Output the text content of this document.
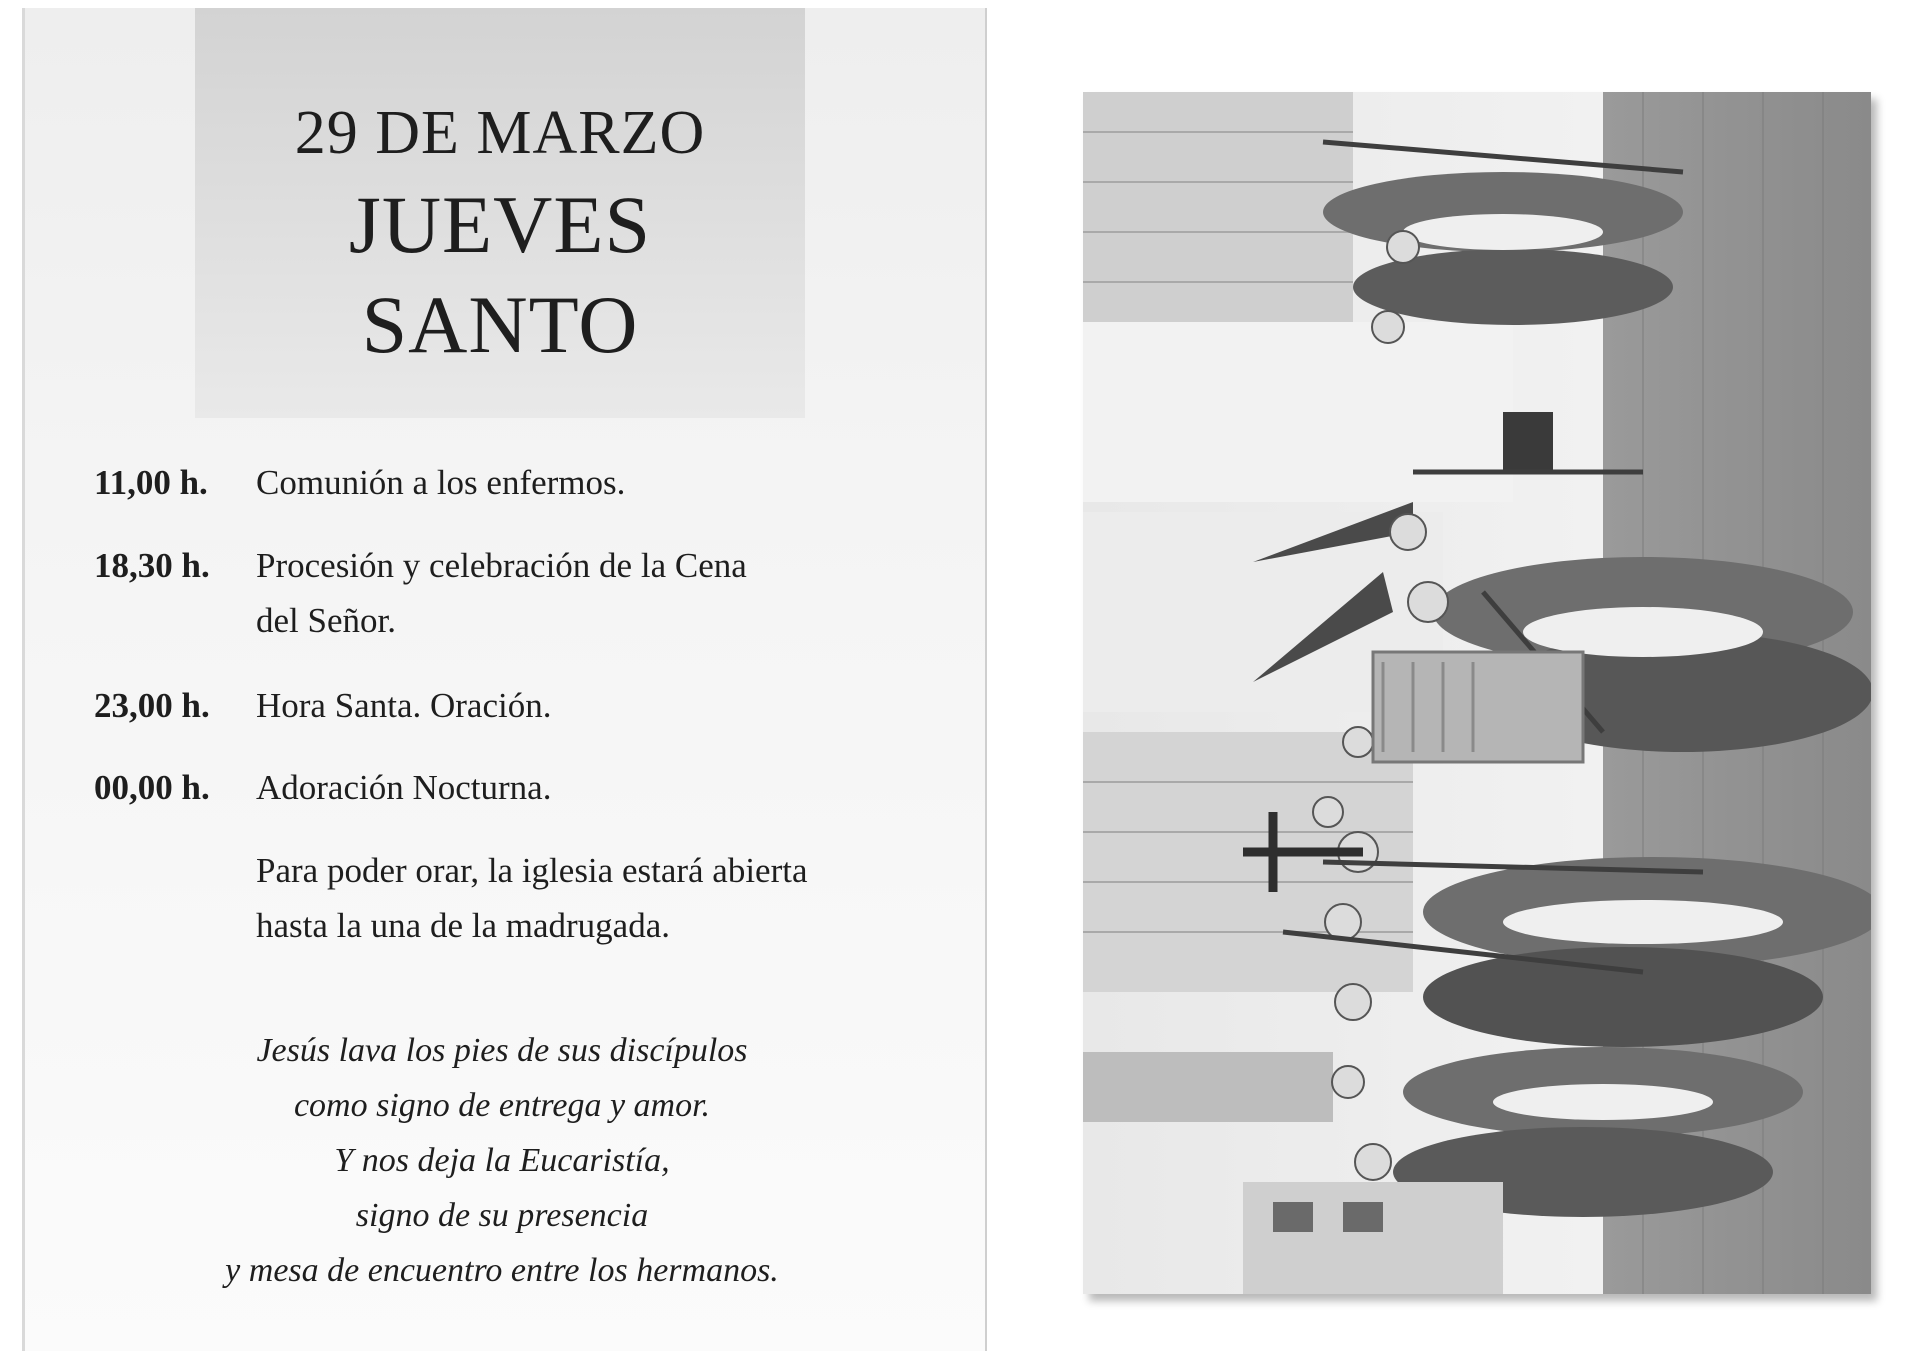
29 DE MARZO
JUEVES
SANTO
11,00 h. Comunión a los enfermos.
18,30 h. Procesión y celebración de la Cena
del Señor.
23,00 h. Hora Santa. Oración.
00,00 h. Adoración Nocturna.
Para poder orar, la iglesia estará abierta
hasta la una de la madrugada.
Jesús lava los pies de sus discípulos
como signo de entrega y amor.
Y nos deja la Eucaristía,
signo de su presencia
y mesa de encuentro entre los hermanos.
